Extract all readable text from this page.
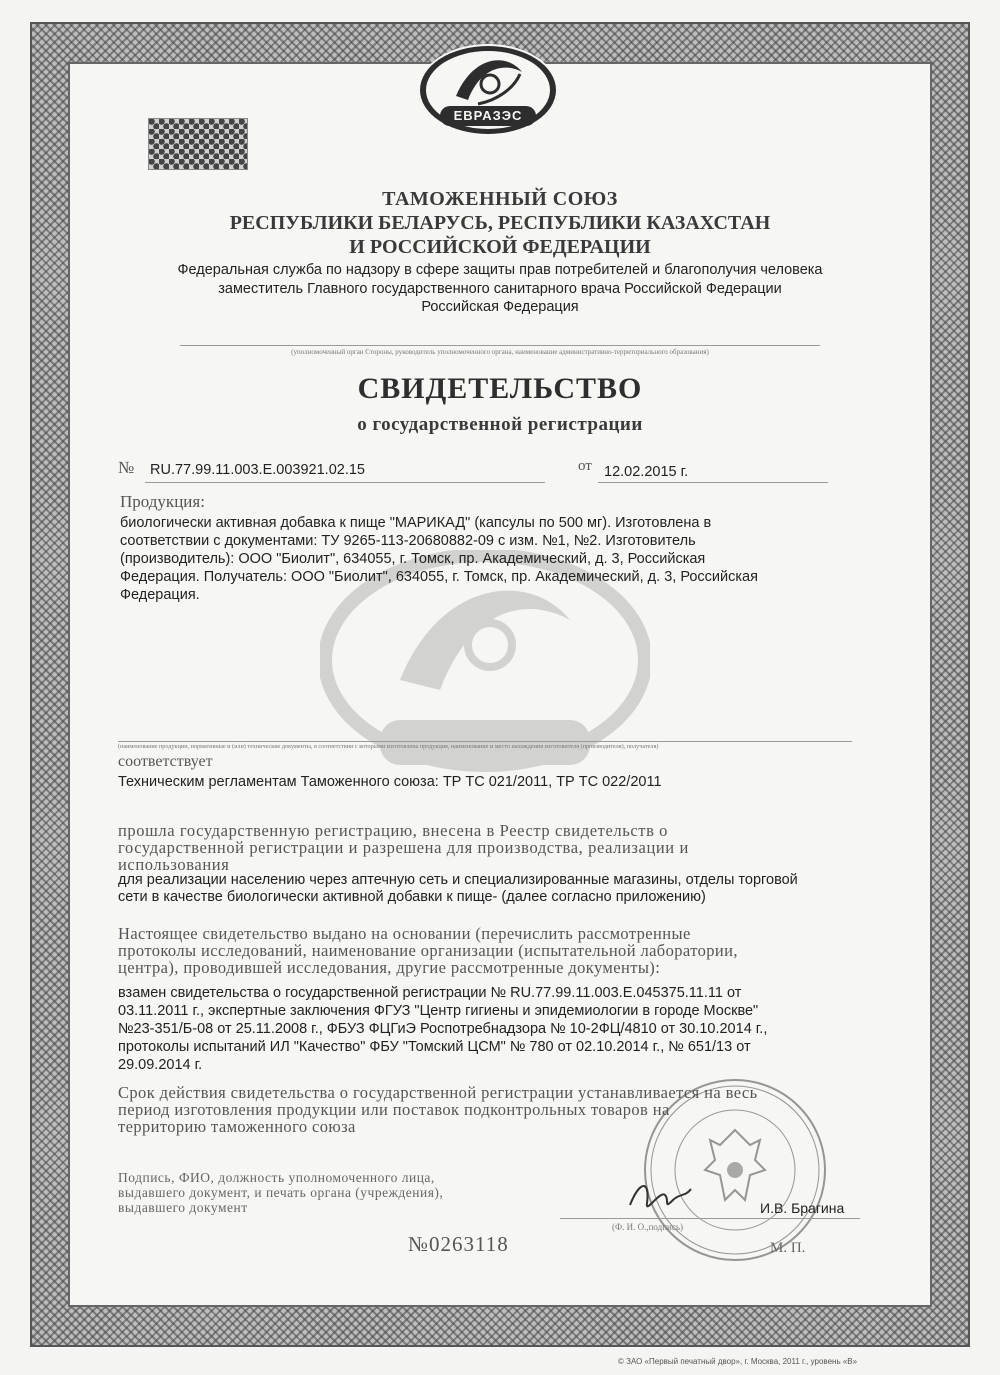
ЕВРАЗЭС
ТАМОЖЕННЫЙ СОЮЗ
РЕСПУБЛИКИ БЕЛАРУСЬ, РЕСПУБЛИКИ КАЗАХСТАН
И РОССИЙСКОЙ ФЕДЕРАЦИИ
Федеральная служба по надзору в сфере защиты прав потребителей и благополучия человека
заместитель Главного государственного санитарного врача Российской Федерации
Российская Федерация
(уполномоченный орган Стороны, руководитель уполномоченного органа, наименование административно-территориального образования)
СВИДЕТЕЛЬСТВО
о государственной регистрации
№ RU.77.99.11.003.Е.003921.02.15	от 12.02.2015 г.
Продукция:
биологически активная добавка к пище "МАРИКАД" (капсулы по 500 мг). Изготовлена в
соответствии с документами: ТУ 9265-113-20680882-09 с изм. №1, №2. Изготовитель
(производитель): ООО "Биолит", 634055, г. Томск, пр. Академический, д. 3, Российская
Федерация. Получатель: ООО "Биолит", 634055, г. Томск, пр. Академический, д. 3, Российская
Федерация.
(наименование продукции, нормативные и (или) технические документы, в соответствии с которыми изготовлена продукция, наименование и место нахождения изготовителя (производителя), получателя)
соответствует
Техническим регламентам Таможенного союза: ТР ТС 021/2011, ТР ТС 022/2011
прошла государственную регистрацию, внесена в Реестр свидетельств о
государственной регистрации и разрешена для производства, реализации и
использования
для реализации населению через аптечную сеть и специализированные магазины, отделы торговой
сети в качестве биологически активной добавки к пище- (далее согласно приложению)
Настоящее свидетельство выдано на основании (перечислить рассмотренные
протоколы исследований, наименование организации (испытательной лаборатории,
центра), проводившей исследования, другие рассмотренные документы):
взамен свидетельства о государственной регистрации № RU.77.99.11.003.Е.045375.11.11 от
03.11.2011 г., экспертные заключения ФГУЗ "Центр гигиены и эпидемиологии в городе Москве"
№23-351/Б-08 от 25.11.2008 г., ФБУЗ ФЦГиЭ Роспотребнадзора № 10-2ФЦ/4810 от 30.10.2014 г.,
протоколы испытаний ИЛ "Качество" ФБУ "Томский ЦСМ" № 780 от 02.10.2014 г., № 651/13 от
29.09.2014 г.
Срок действия свидетельства о государственной регистрации устанавливается на весь
период изготовления продукции или поставок подконтрольных товаров на
территорию таможенного союза
Подпись, ФИО, должность уполномоченного лица,
выдавшего документ, и печать органа (учреждения),
выдавшего документ	И.В. Брагина
(Ф. И. О.,подпись)
№0263118	М. П.
© ЗАО «Первый печатный двор», г. Москва, 2011 г., уровень «В»
